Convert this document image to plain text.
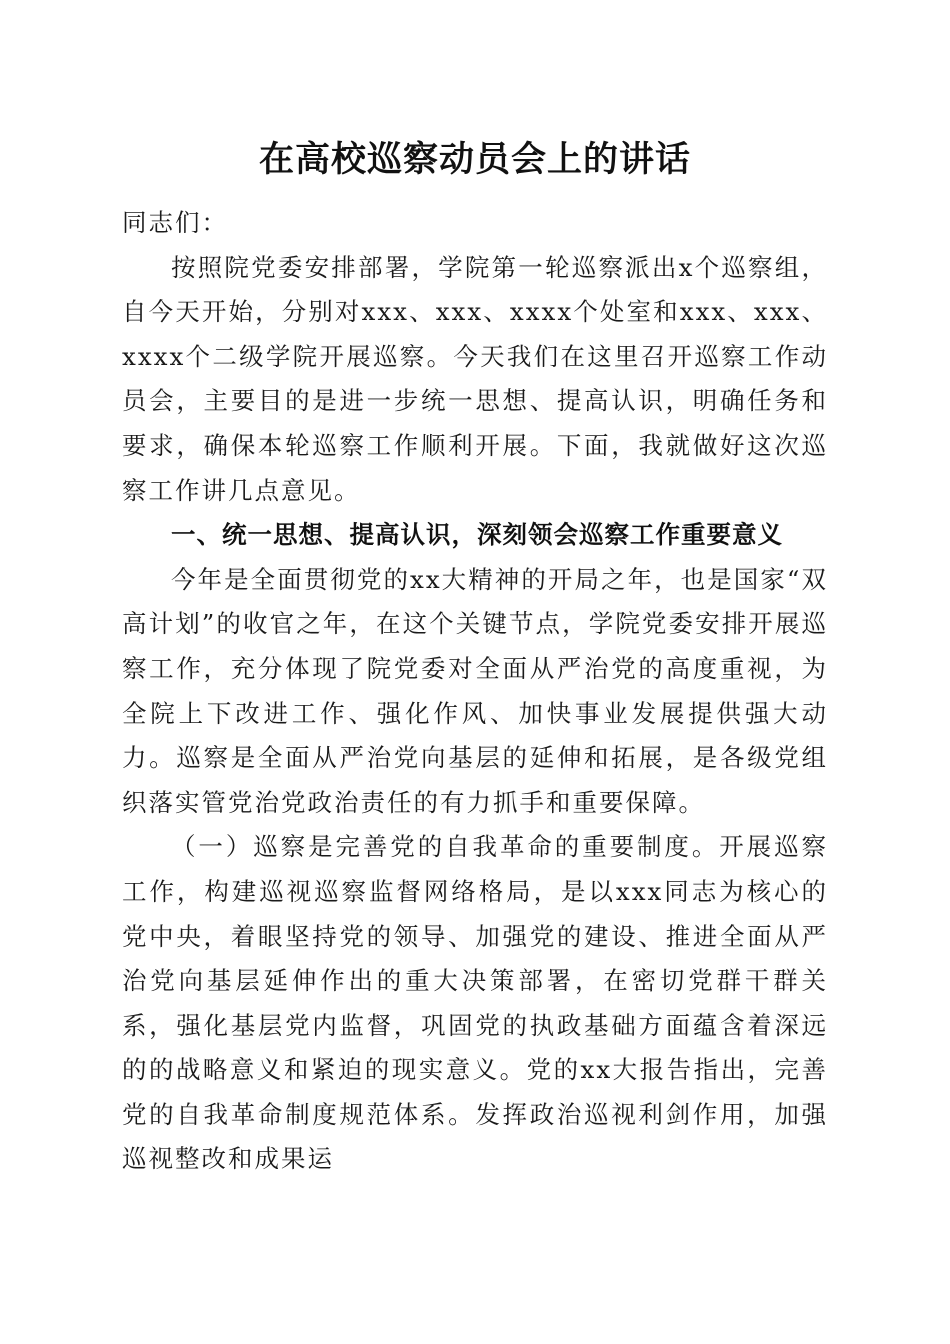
在高校巡察动员会上的讲话

同志们：

按照院党委安排部署，学院第一轮巡察派出x个巡察组，自今天开始，分别对xxx、xxx、xxxx个处室和xxx、xxx、xxxx个二级学院开展巡察。今天我们在这里召开巡察工作动员会，主要目的是进一步统一思想、提高认识，明确任务和要求，确保本轮巡察工作顺利开展。下面，我就做好这次巡察工作讲几点意见。

一、统一思想、提高认识，深刻领会巡察工作重要意义

今年是全面贯彻党的xx大精神的开局之年，也是国家“双高计划”的收官之年，在这个关键节点，学院党委安排开展巡察工作，充分体现了院党委对全面从严治党的高度重视，为全院上下改进工作、强化作风、加快事业发展提供强大动力。巡察是全面从严治党向基层的延伸和拓展，是各级党组织落实管党治党政治责任的有力抓手和重要保障。

（一）巡察是完善党的自我革命的重要制度。开展巡察工作，构建巡视巡察监督网络格局，是以xxx同志为核心的党中央，着眼坚持党的领导、加强党的建设、推进全面从严治党向基层延伸作出的重大决策部署，在密切党群干群关系，强化基层党内监督，巩固党的执政基础方面蕴含着深远的的战略意义和紧迫的现实意义。党的xx大报告指出，完善党的自我革命制度规范体系。发挥政治巡视利剑作用，加强巡视整改和成果运
